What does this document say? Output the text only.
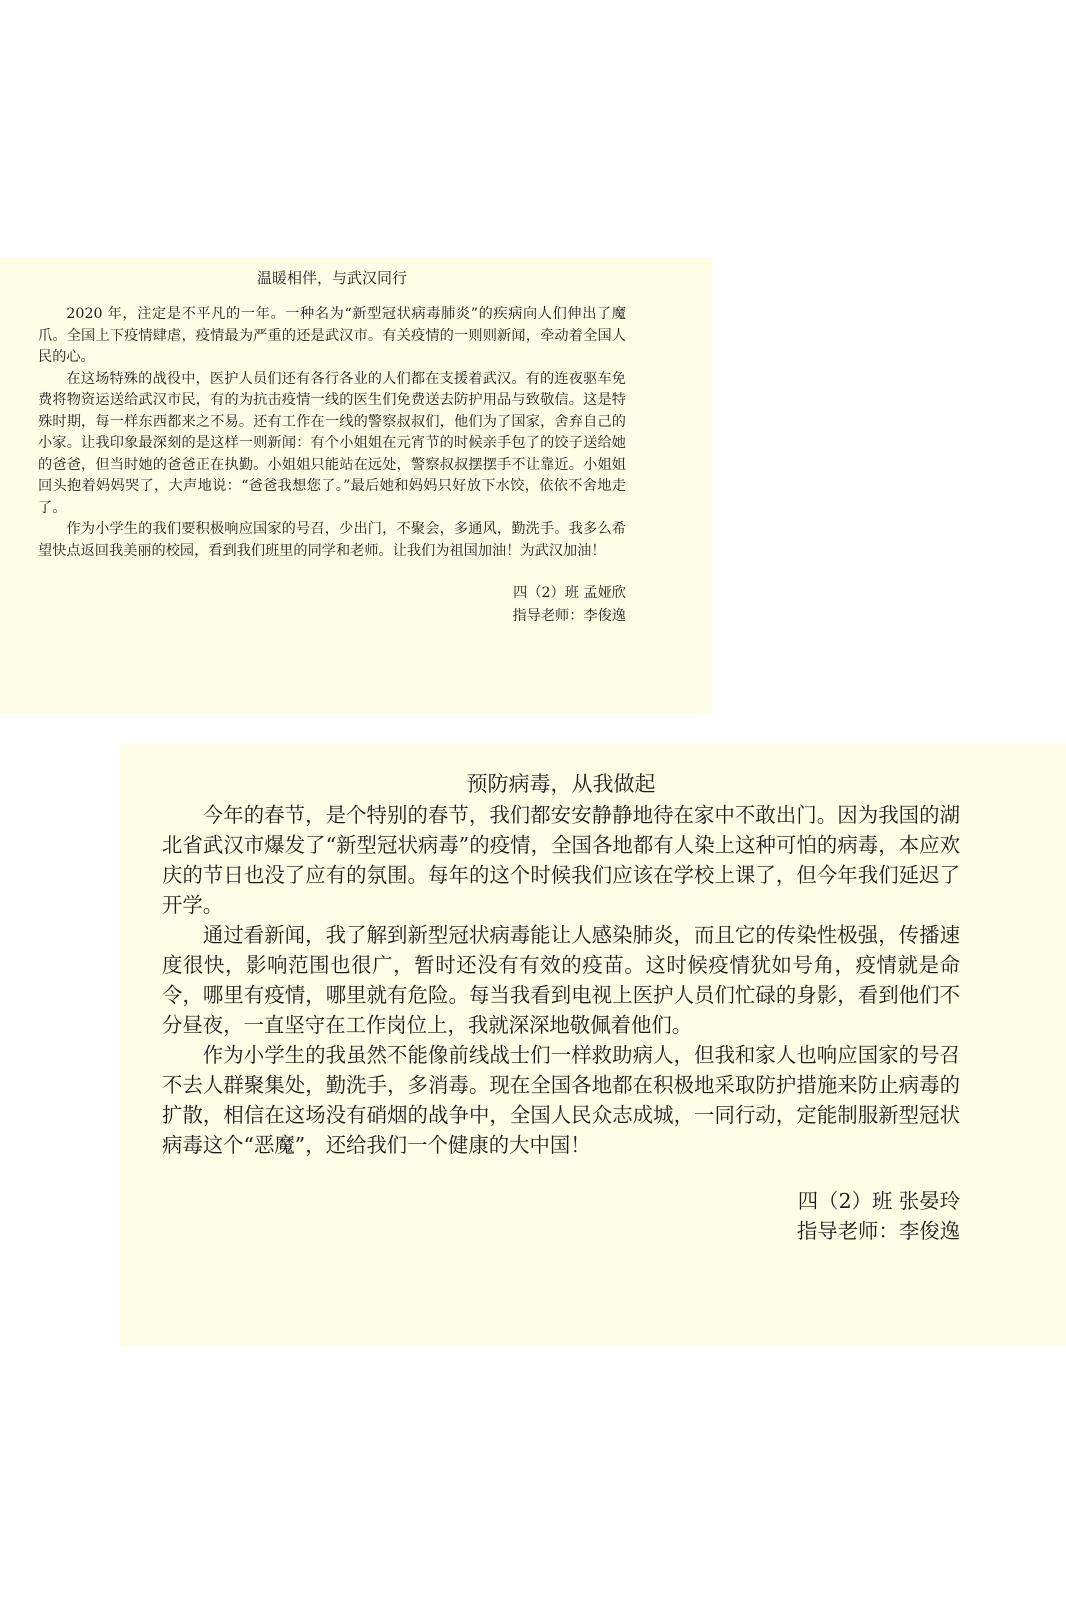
温暖相伴，与武汉同行

2020 年，注定是不平凡的一年。一种名为“新型冠状病毒肺炎”的疾病向人们伸出了魔爪。全国上下疫情肆虐，疫情最为严重的还是武汉市。有关疫情的一则则新闻，牵动着全国人民的心。

在这场特殊的战役中，医护人员们还有各行各业的人们都在支援着武汉。有的连夜驱车免费将物资运送给武汉市民，有的为抗击疫情一线的医生们免费送去防护用品与致敬信。这是特殊时期，每一样东西都来之不易。还有工作在一线的警察叔叔们，他们为了国家，舍弃自己的小家。让我印象最深刻的是这样一则新闻：有个小姐姐在元宵节的时候亲手包了的饺子送给她的爸爸，但当时她的爸爸正在执勤。小姐姐只能站在远处，警察叔叔摆摆手不让靠近。小姐姐回头抱着妈妈哭了，大声地说：“爸爸我想您了。”最后她和妈妈只好放下水饺，依依不舍地走了。

作为小学生的我们要积极响应国家的号召，少出门，不聚会，多通风，勤洗手。我多么希望快点返回我美丽的校园，看到我们班里的同学和老师。让我们为祖国加油！为武汉加油！

四（2）班 孟娅欣

指导老师：李俊逸

预防病毒，从我做起

今年的春节，是个特别的春节，我们都安安静静地待在家中不敢出门。因为我国的湖北省武汉市爆发了“新型冠状病毒”的疫情，全国各地都有人染上这种可怕的病毒，本应欢庆的节日也没了应有的氛围。每年的这个时候我们应该在学校上课了，但今年我们延迟了开学。

通过看新闻，我了解到新型冠状病毒能让人感染肺炎，而且它的传染性极强，传播速度很快，影响范围也很广，暂时还没有有效的疫苗。这时候疫情犹如号角，疫情就是命令，哪里有疫情，哪里就有危险。每当我看到电视上医护人员们忙碌的身影，看到他们不分昼夜，一直坚守在工作岗位上，我就深深地敬佩着他们。

作为小学生的我虽然不能像前线战士们一样救助病人，但我和家人也响应国家的号召不去人群聚集处，勤洗手，多消毒。现在全国各地都在积极地采取防护措施来防止病毒的扩散，相信在这场没有硝烟的战争中，全国人民众志成城，一同行动，定能制服新型冠状病毒这个“恶魔”，还给我们一个健康的大中国！

四（2）班 张晏玲

指导老师：李俊逸
